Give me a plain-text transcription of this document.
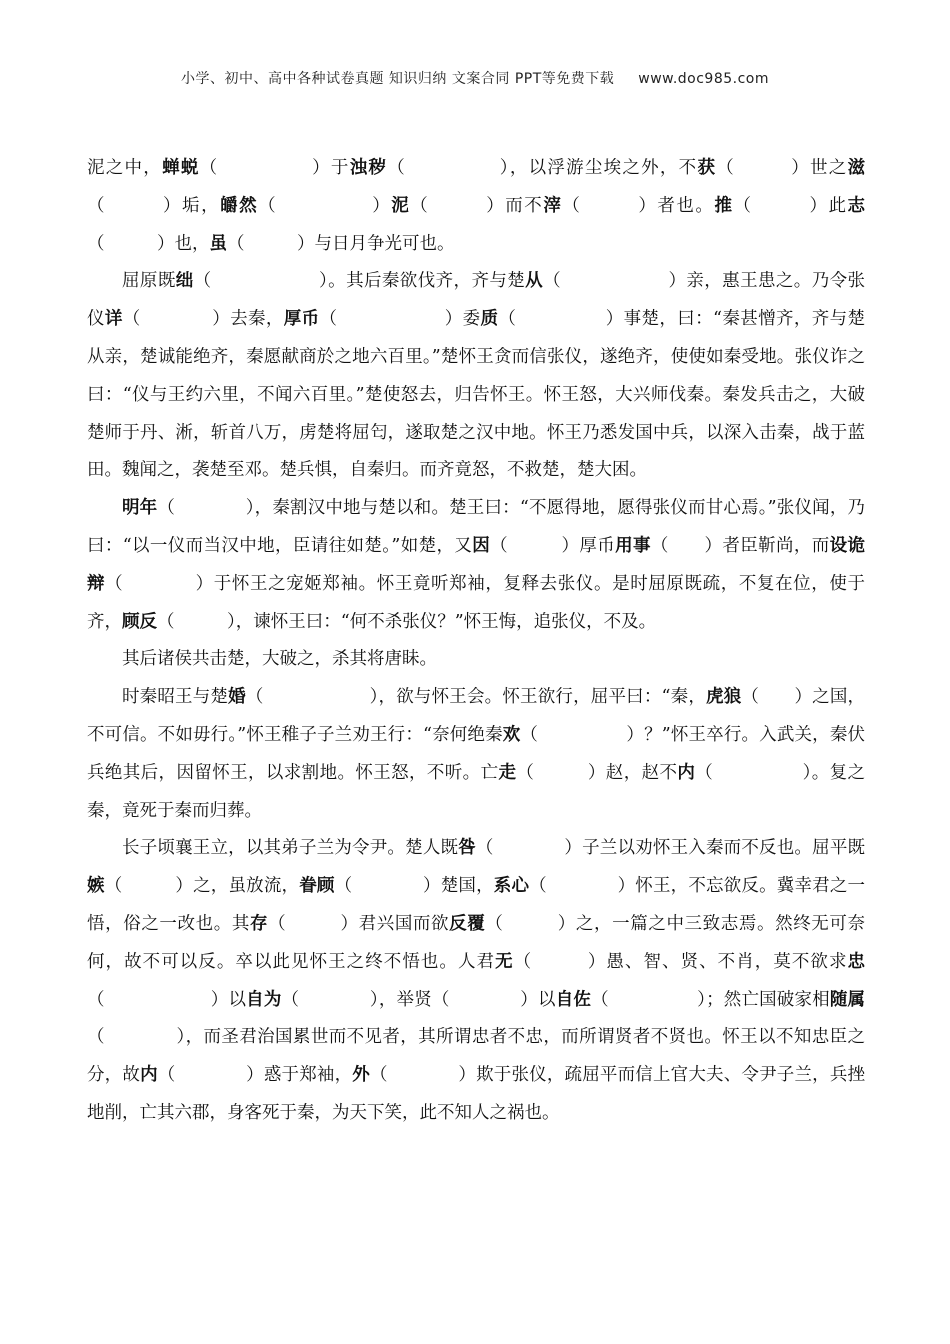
小学、初中、高中各种试卷真题 知识归纳 文案合同 PPT等免费下载 www.doc985.com

泥之中，蝉蜕（　　　　　）于浊秽（　　　　　），以浮游尘埃之外，不获（　　　）世之滋（　　　）垢，皭然（　　　　　）泥（　　　）而不滓（　　　）者也。推（　　　）此志（　　　）也，虽（　　　）与日月争光可也。

屈原既绌（　　　　　　）。其后秦欲伐齐，齐与楚从（　　　　　　）亲，惠王患之。乃令张仪详（　　　　）去秦，厚币（　　　　　　）委质（　　　　　）事楚，曰：“秦甚憎齐，齐与楚从亲，楚诚能绝齐，秦愿献商於之地六百里。”楚怀王贪而信张仪，遂绝齐，使使如秦受地。张仪诈之曰：“仪与王约六里，不闻六百里。”楚使怒去，归告怀王。怀王怒，大兴师伐秦。秦发兵击之，大破楚师于丹、淅，斩首八万，虏楚将屈匄，遂取楚之汉中地。怀王乃悉发国中兵，以深入击秦，战于蓝田。魏闻之，袭楚至邓。楚兵惧，自秦归。而齐竟怒，不救楚，楚大困。

明年（　　　　），秦割汉中地与楚以和。楚王曰：“不愿得地，愿得张仪而甘心焉。”张仪闻，乃曰：“以一仪而当汉中地，臣请往如楚。”如楚，又因（　　　）厚币用事（　　）者臣靳尚，而设诡辩（　　　　）于怀王之宠姬郑袖。怀王竟听郑袖，复释去张仪。是时屈原既疏，不复在位，使于齐，顾反（　　　），谏怀王曰：“何不杀张仪？”怀王悔，追张仪，不及。

其后诸侯共击楚，大破之，杀其将唐眛。

时秦昭王与楚婚（　　　　　　），欲与怀王会。怀王欲行，屈平曰：“秦，虎狼（　　）之国，不可信。不如毋行。”怀王稚子子兰劝王行：“奈何绝秦欢（　　　　　）？”怀王卒行。入武关，秦伏兵绝其后，因留怀王，以求割地。怀王怒，不听。亡走（　　　）赵，赵不内（　　　　　）。复之秦，竟死于秦而归葬。

长子顷襄王立，以其弟子兰为令尹。楚人既咎（　　　　）子兰以劝怀王入秦而不反也。屈平既嫉（　　　）之，虽放流，眷顾（　　　　）楚国，系心（　　　　）怀王，不忘欲反。冀幸君之一悟，俗之一改也。其存（　　　）君兴国而欲反覆（　　　）之，一篇之中三致志焉。然终无可奈何，故不可以反。卒以此见怀王之终不悟也。人君无（　　　）愚、智、贤、不肖，莫不欲求忠（　　　　　　）以自为（　　　　），举贤（　　　　）以自佐（　　　　　）；然亡国破家相随属（　　　　），而圣君治国累世而不见者，其所谓忠者不忠，而所谓贤者不贤也。怀王以不知忠臣之分，故内（　　　　）惑于郑袖，外（　　　　）欺于张仪，疏屈平而信上官大夫、令尹子兰，兵挫地削，亡其六郡，身客死于秦，为天下笑，此不知人之祸也。
